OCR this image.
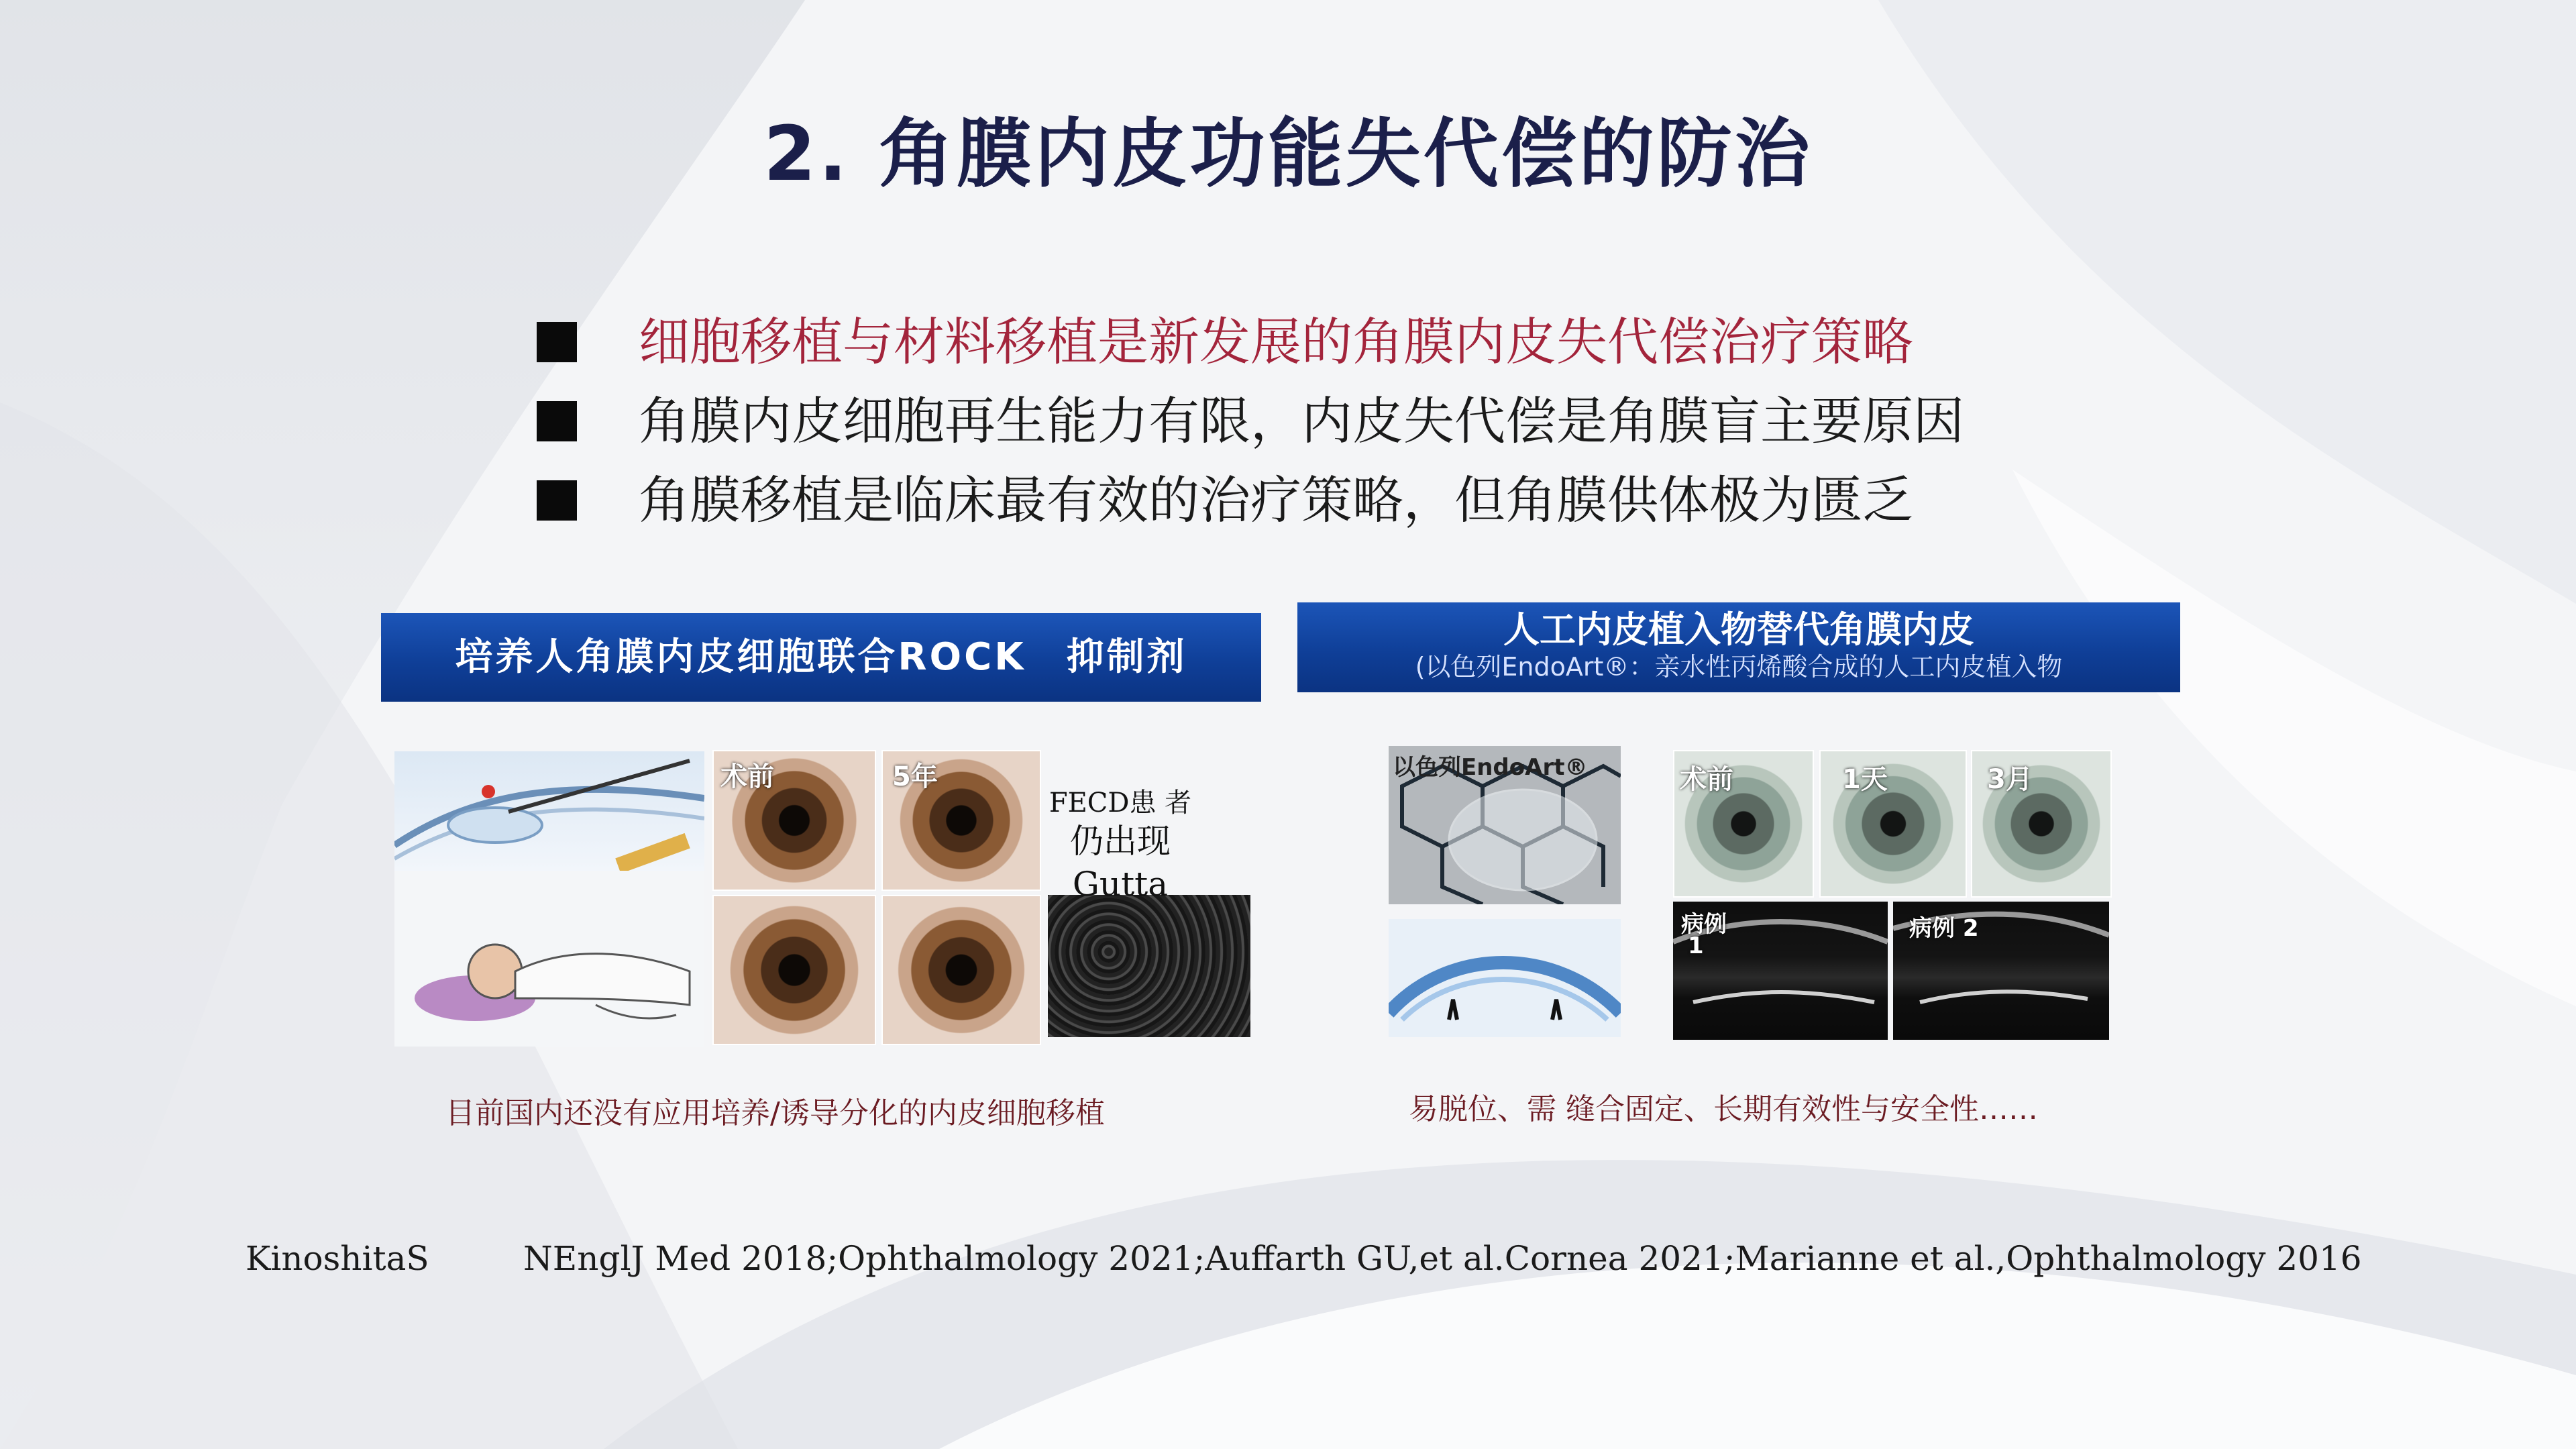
2. 角膜内皮功能失代偿的防治
细胞移植与材料移植是新发展的角膜内皮失代偿治疗策略
角膜内皮细胞再生能力有限，内皮失代偿是角膜盲主要原因
角膜移植是临床最有效的治疗策略，但角膜供体极为匮乏
培养人角膜内皮细胞联合ROCK　抑制剂
术前	5年
FECD患 者
仍出现Gutta
目前国内还没有应用培养/诱导分化的内皮细胞移植
人工内皮植入物替代角膜内皮
(以色列EndoArt®：亲水性丙烯酸合成的人工内皮植入物
以色列EndoArt®	术前	1天	3月
病例
1
病例 2
易脱位、需 缝合固定、长期有效性与安全性……
KinoshitaS	NEnglJ Med 2018;Ophthalmology 2021;Auffarth GU,et al.Cornea 2021;Marianne et al.,Ophthalmology 2016
